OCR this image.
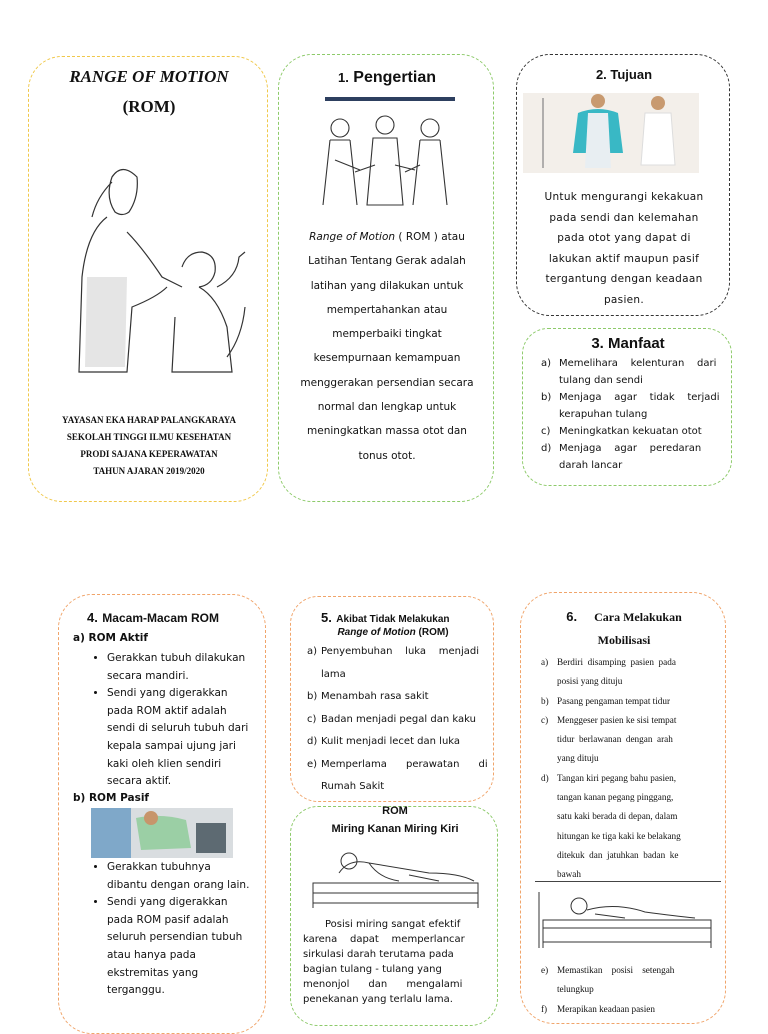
RANGE OF MOTION
(ROM)
YAYASAN EKA HARAP PALANGKARAYA
SEKOLAH TINGGI ILMU KESEHATAN
PRODI SAJANA KEPERAWATAN
TAHUN AJARAN 2019/2020
1. Pengertian
Range of Motion ( ROM ) atau
Latihan Tentang Gerak adalah
latihan yang dilakukan untuk
mempertahankan atau
memperbaiki tingkat
kesempurnaan kemampuan
menggerakan persendian secara
normal dan lengkap untuk
meningkatkan massa otot dan
tonus otot.
2. Tujuan
Untuk mengurangi kekakuan
pada sendi dan kelemahan
pada otot yang dapat di
lakukan aktif maupun pasif
tergantung dengan keadaan
pasien.
3. Manfaat
a) Memelihara    kelenturan    dari
tulang dan sendi
b) Menjaga    agar    tidak    terjadi
kerapuhan tulang
c) Meningkatkan kekuatan otot
d) Menjaga    agar    peredaran
darah lancar
4. Macam-Macam ROM
a) ROM Aktif
• Gerakkan tubuh dilakukan
secara mandiri.
• Sendi yang digerakkan
pada ROM aktif adalah
sendi di seluruh tubuh dari
kepala sampai ujung jari
kaki oleh klien sendiri
secara aktif.
b) ROM Pasif
• Gerakkan tubuhnya
dibantu dengan orang lain.
• Sendi yang digerakkan
pada ROM pasif adalah
seluruh persendian tubuh
atau hanya pada
ekstremitas yang
terganggu.
5. Akibat Tidak Melakukan
Range of Motion (ROM)
a) Penyembuhan    luka    menjadi
lama
b) Menambah rasa sakit
c) Badan menjadi pegal dan kaku
d) Kulit menjadi lecet dan luka
e) Memperlama      perawatan      di
Rumah Sakit
ROM
Miring Kanan Miring Kiri
Posisi miring sangat efektif
karena    dapat    memperlancar
sirkulasi darah terutama pada
bagian tulang - tulang yang
menonjol      dan      mengalami
penekanan yang terlalu lama.
6. Cara Melakukan
Mobilisasi
a) Berdiri  disamping  pasien  pada
posisi yang dituju
b) Pasang pengaman tempat tidur
c) Menggeser pasien ke sisi tempat
tidur  berlawanan  dengan  arah
yang dituju
d) Tangan kiri pegang bahu pasien,
tangan kanan pegang pinggang,
satu kaki berada di depan, dalam
hitungan ke tiga kaki ke belakang
ditekuk  dan  jatuhkan  badan  ke
bawah
e) Memastikan    posisi    setengah
telungkup
f)	Merapikan keadaan pasien
